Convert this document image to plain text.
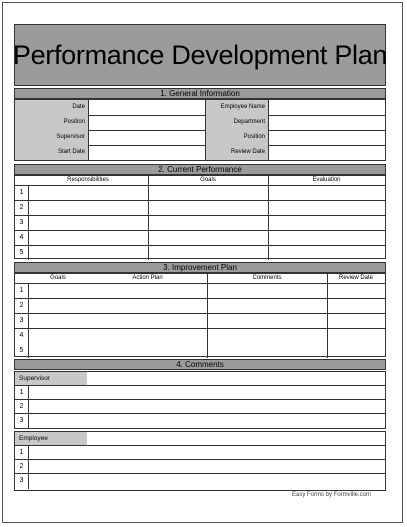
Performance Development Plan
1. General Information
2. Current Performance
3. Improvement Plan
4. Comments
Supervisor
Employee
Easy Forms by Formville.com
Date	Employee Name
Position	Department
Supervisor	Position
Start Date	Review Date
Responsibilities	Goals	Evaluation
1
2
3
4
5
Goals	Action Plan	Comments	Review Date
1
2
3
4
5
1
2
3
1
2
3
